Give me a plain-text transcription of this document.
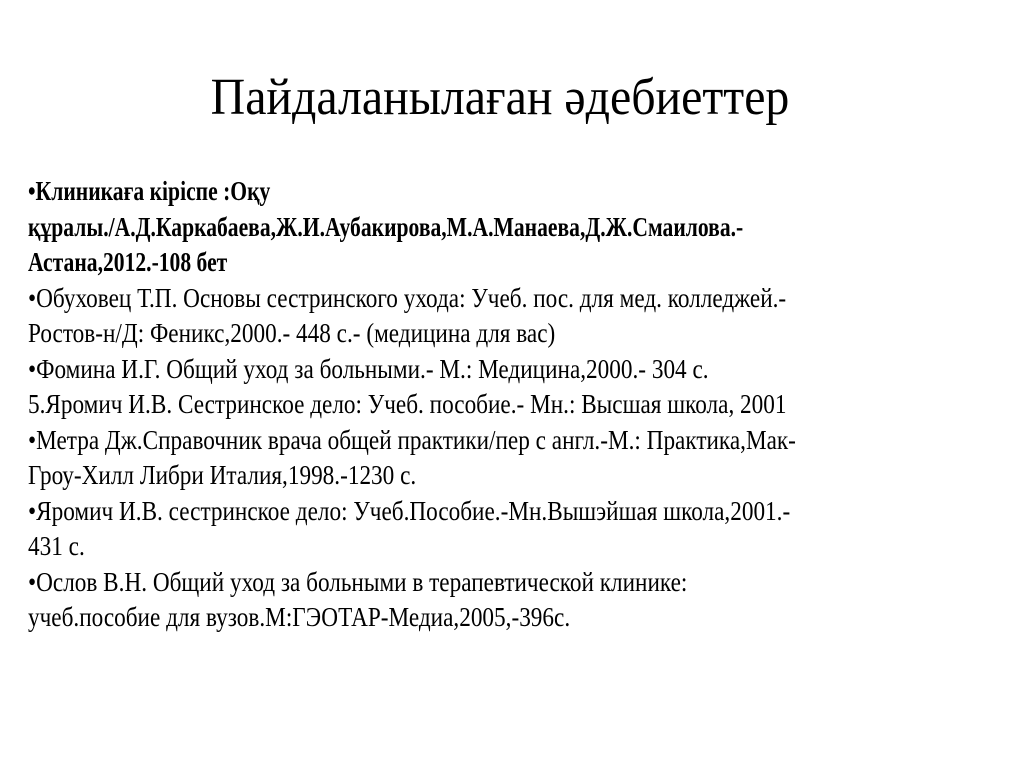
Пайдаланылаған әдебиеттер
•Клиникаға кіріспе :Оқу
құралы./А.Д.Каркабаева,Ж.И.Аубакирова,М.А.Манаева,Д.Ж.Смаилова.-
Астана,2012.-108 бет
•Обуховец Т.П. Основы сестринского ухода: Учеб. пос. для мед. колледжей.-
Ростов-н/Д: Феникс,2000.- 448 с.- (медицина для вас)
•Фомина И.Г. Общий уход за больными.- М.: Медицина,2000.- 304 с.
5.Яромич И.В. Сестринское дело: Учеб. пособие.- Мн.: Высшая школа, 2001
•Метра Дж.Справочник врача общей практики/пер с англ.-М.: Практика,Мак-
Гроу-Хилл Либри Италия,1998.-1230 с.
•Яромич И.В. сестринское дело: Учеб.Пособие.-Мн.Вышэйшая школа,2001.-
431 с.
•Ослов В.Н. Общий уход за больными в терапевтической клинике:
учеб.пособие для вузов.М:ГЭОТАР-Медиа,2005,-396с.
